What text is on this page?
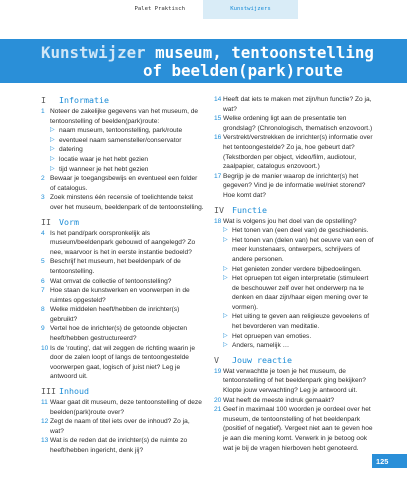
Palet Praktisch	Kunstwijzers
Kunstwijzer museum, tentoonstelling
of beelden(park)route
I Informatie
1 Noteer de zakelijke gegevens van het museum, de tentoonstelling of beelden(park)route:
▷ naam museum, tentoonstelling, park/route
▷ eventueel naam samensteller/conservator
▷ datering
▷ locatie waar je het hebt gezien
▷ tijd wanneer je het hebt gezien
2 Bewaar je toegangsbewijs en eventueel een folder of catalogus.
3 Zoek minstens één recensie of toelichtende tekst over het museum, beeldenpark of de tentoonstelling.
II Vorm
4 Is het pand/park oorspronkelijk als museum/beeldenpark gebouwd of aangelegd? Zo nee, waarvoor is het in eerste instantie bedoeld?
5 Beschrijf het museum, het beeldenpark of de tentoonstelling.
6 Wat omvat de collectie of tentoonstelling?
7 Hoe staan de kunstwerken en voorwerpen in de ruimtes opgesteld?
8 Welke middelen heeft/hebben de inrichter(s) gebruikt?
9 Vertel hoe de inrichter(s) de getoonde objecten heeft/hebben gestructureerd?
10 Is de 'routing', dat wil zeggen de richting waarin je door de zalen loopt of langs de tentoongestelde voorwerpen gaat, logisch of juist niet? Leg je antwoord uit.
III Inhoud
11 Waar gaat dit museum, deze tentoonstelling of deze beelden(park)route over?
12 Zegt de naam of titel iets over de inhoud? Zo ja, wat?
13 Wat is de reden dat de inrichter(s) de ruimte zo heeft/hebben ingericht, denk jij?
14 Heeft dat iets te maken met zijn/hun functie? Zo ja, wat?
15 Welke ordening ligt aan de presentatie ten grondslag? (Chronologisch, thematisch enzovoort.)
16 Verstrekt/verstrekken de inrichter(s) informatie over het tentoongestelde? Zo ja, hoe gebeurt dat? (Tekstborden per object, video/film, audiotour, zaalpapier, catalogus enzovoort.)
17 Begrijp je de manier waarop de inrichter(s) het gegeven? Vind je de informatie wel/niet storend? Hoe komt dat?
IV Functie
18 Wat is volgens jou het doel van de opstelling?
▷ Het tonen van (een deel van) de geschiedenis.
▷ Het tonen van (delen van) het oeuvre van een of meer kunstenaars, ontwerpers, schrijvers of andere personen.
▷ Het genieten zonder verdere bijbedoelingen.
▷ Het opruepen tot eigen interpretatie (stimuleert de beschouwer zelf over het onderwerp na te denken en daar zijn/haar eigen mening over te vormen).
▷ Het uiting te geven aan religieuze gevoelens of het bevorderen van meditatie.
▷ Het opruepen van emoties.
▷ Anders, namelijk …
V Jouw reactie
19 Wat verwachtte je toen je het museum, de tentoonstelling of het beeldenpark ging bekijken? Klopte jouw verwachting? Leg je antwoord uit.
20 Wat heeft de meeste indruk gemaakt?
21 Geef in maximaal 100 woorden je oordeel over het museum, de tentoonstelling of het beeldenpark (positief of negatief). Vergeet niet aan te geven hoe je aan die mening komt. Verwerk in je betoog ook wat je bij de vragen hierboven hebt genoteerd.
125
